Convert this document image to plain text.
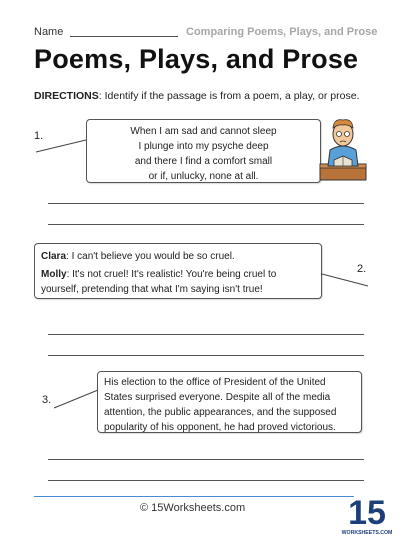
Name	Comparing Poems, Plays, and Prose
Poems, Plays, and Prose
DIRECTIONS: Identify if the passage is from a poem, a play, or prose.
1.	When I am sad and cannot sleep
I plunge into my psyche deep
and there I find a comfort small
or if, unlucky, none at all.

Clara: I can't believe you would be so cruel.

Molly: It's not cruel! It's realistic! You're being cruel to yourself, pretending that what I'm saying isn't true!

2.
3.
His election to the office of President of the United States surprised everyone. Despite all of the media attention, the public appearances, and the supposed popularity of his opponent, he had proved victorious.
© 15Worksheets.com	15
WORKSHEETS.COM
